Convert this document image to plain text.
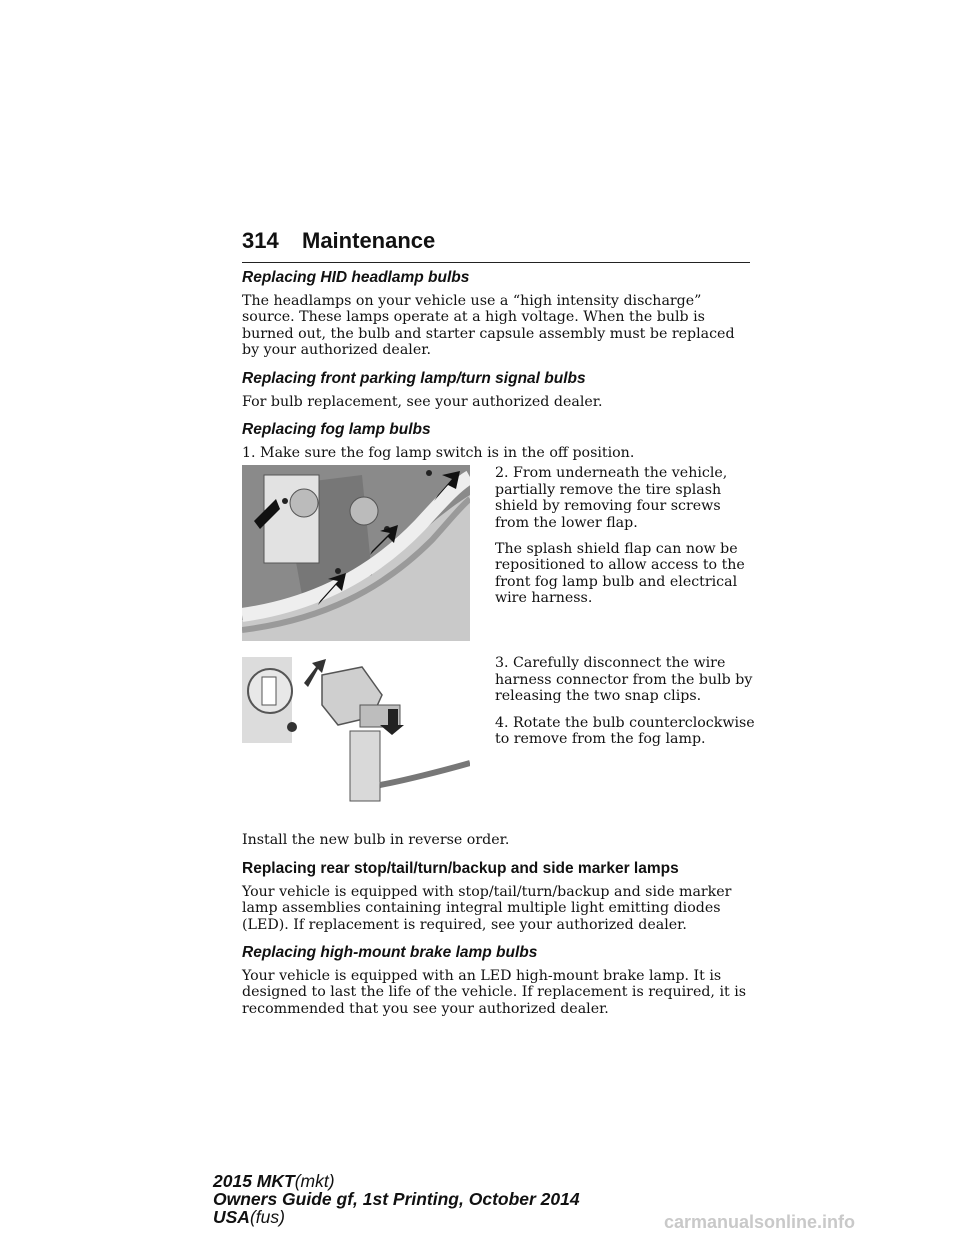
314 Maintenance
Replacing HID headlamp bulbs
The headlamps on your vehicle use a “high intensity discharge” source. These lamps operate at a high voltage. When the bulb is burned out, the bulb and starter capsule assembly must be replaced by your authorized dealer.
Replacing front parking lamp/turn signal bulbs
For bulb replacement, see your authorized dealer.
Replacing fog lamp bulbs
1. Make sure the fog lamp switch is in the off position.
2. From underneath the vehicle, partially remove the tire splash shield by removing four screws from the lower flap.
The splash shield flap can now be repositioned to allow access to the front fog lamp bulb and electrical wire harness.
3. Carefully disconnect the wire harness connector from the bulb by releasing the two snap clips.
4. Rotate the bulb counterclockwise to remove from the fog lamp.
Install the new bulb in reverse order.
Replacing rear stop/tail/turn/backup and side marker lamps
Your vehicle is equipped with stop/tail/turn/backup and side marker lamp assemblies containing integral multiple light emitting diodes (LED). If replacement is required, see your authorized dealer.
Replacing high-mount brake lamp bulbs
Your vehicle is equipped with an LED high-mount brake lamp. It is designed to last the life of the vehicle. If replacement is required, it is recommended that you see your authorized dealer.
2015 MKT(mkt)
Owners Guide gf, 1st Printing, October 2014
USA(fus)	carmanualsonline.info
